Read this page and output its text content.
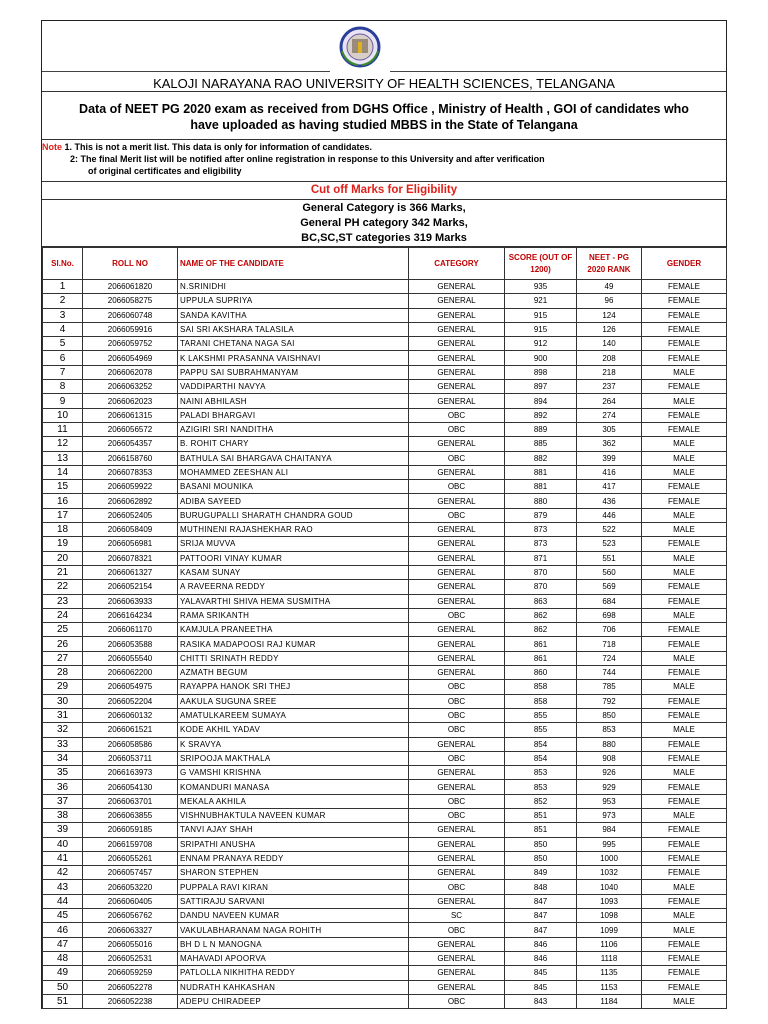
KALOJI NARAYANA RAO UNIVERSITY OF HEALTH SCIENCES, TELANGANA
Data of NEET PG 2020 exam as received from DGHS Office , Ministry of Health , GOI of candidates who
have uploaded as having studied MBBS in the State of Telangana
Note 1. This is not a merit list. This data is only for information of candidates.
2: The final Merit list will be notified after online registration in response to this University and after verification
of original certificates and eligibility
Cut off Marks for Eligibility
General Category is 366 Marks,
General PH category 342 Marks,
BC,SC,ST categories 319 Marks
Sl.No.	ROLL NO	NAME OF THE CANDIDATE	CATEGORY	SCORE (OUT OF 1200)	NEET - PG 2020 RANK	GENDER
1	2066061820	N.SRINIDHI	GENERAL	935	49	FEMALE
2	2066058275	UPPULA SUPRIYA	GENERAL	921	96	FEMALE
3	2066060748	SANDA KAVITHA	GENERAL	915	124	FEMALE
4	2066059916	SAI SRI AKSHARA TALASILA	GENERAL	915	126	FEMALE
5	2066059752	TARANI CHETANA NAGA SAI	GENERAL	912	140	FEMALE
6	2066054969	K LAKSHMI PRASANNA VAISHNAVI	GENERAL	900	208	FEMALE
7	2066062078	PAPPU SAI SUBRAHMANYAM	GENERAL	898	218	MALE
8	2066063252	VADDIPARTHI NAVYA	GENERAL	897	237	FEMALE
9	2066062023	NAINI ABHILASH	GENERAL	894	264	MALE
10	2066061315	PALADI BHARGAVI	OBC	892	274	FEMALE
11	2066056572	AZIGIRI SRI NANDITHA	OBC	889	305	FEMALE
12	2066054357	B. ROHIT CHARY	GENERAL	885	362	MALE
13	2066158760	BATHULA SAI BHARGAVA CHAITANYA	OBC	882	399	MALE
14	2066078353	MOHAMMED ZEESHAN ALI	GENERAL	881	416	MALE
15	2066059922	BASANI MOUNIKA	OBC	881	417	FEMALE
16	2066062892	ADIBA SAYEED	GENERAL	880	436	FEMALE
17	2066052405	BURUGUPALLI SHARATH CHANDRA GOUD	OBC	879	446	MALE
18	2066058409	MUTHINENI RAJASHEKHAR RAO	GENERAL	873	522	MALE
19	2066056981	SRIJA MUVVA	GENERAL	873	523	FEMALE
20	2066078321	PATTOORI VINAY KUMAR	GENERAL	871	551	MALE
21	2066061327	KASAM SUNAY	GENERAL	870	560	MALE
22	2066052154	A RAVEERNA REDDY	GENERAL	870	569	FEMALE
23	2066063933	YALAVARTHI SHIVA HEMA SUSMITHA	GENERAL	863	684	FEMALE
24	2066164234	RAMA SRIKANTH	OBC	862	698	MALE
25	2066061170	KAMJULA PRANEETHA	GENERAL	862	706	FEMALE
26	2066053588	RASIKA MADAPOOSI RAJ KUMAR	GENERAL	861	718	FEMALE
27	2066055540	CHITTI SRINATH REDDY	GENERAL	861	724	MALE
28	2066062200	AZMATH BEGUM	GENERAL	860	744	FEMALE
29	2066054975	RAYAPPA HANOK SRI THEJ	OBC	858	785	MALE
30	2066052204	AAKULA SUGUNA SREE	OBC	858	792	FEMALE
31	2066060132	AMATULKAREEM SUMAYA	OBC	855	850	FEMALE
32	2066061521	KODE AKHIL YADAV	OBC	855	853	MALE
33	2066058586	K SRAVYA	GENERAL	854	880	FEMALE
34	2066053711	SRIPOOJA MAKTHALA	OBC	854	908	FEMALE
35	2066163973	G VAMSHI KRISHNA	GENERAL	853	926	MALE
36	2066054130	KOMANDURI MANASA	GENERAL	853	929	FEMALE
37	2066063701	MEKALA AKHILA	OBC	852	953	FEMALE
38	2066063855	VISHNUBHAKTULA NAVEEN KUMAR	OBC	851	973	MALE
39	2066059185	TANVI AJAY SHAH	GENERAL	851	984	FEMALE
40	2066159708	SRIPATHI ANUSHA	GENERAL	850	995	FEMALE
41	2066055261	ENNAM PRANAYA REDDY	GENERAL	850	1000	FEMALE
42	2066057457	SHARON STEPHEN	GENERAL	849	1032	FEMALE
43	2066053220	PUPPALA RAVI KIRAN	OBC	848	1040	MALE
44	2066060405	SATTIRAJU SARVANI	GENERAL	847	1093	FEMALE
45	2066056762	DANDU NAVEEN KUMAR	SC	847	1098	MALE
46	2066063327	VAKULABHARANAM NAGA ROHITH	OBC	847	1099	MALE
47	2066055016	BH D L N MANOGNA	GENERAL	846	1106	FEMALE
48	2066052531	MAHAVADI APOORVA	GENERAL	846	1118	FEMALE
49	2066059259	PATLOLLA NIKHITHA REDDY	GENERAL	845	1135	FEMALE
50	2066052278	NUDRATH KAHKASHAN	GENERAL	845	1153	FEMALE
51	2066052238	ADEPU CHIRADEEP	OBC	843	1184	MALE
